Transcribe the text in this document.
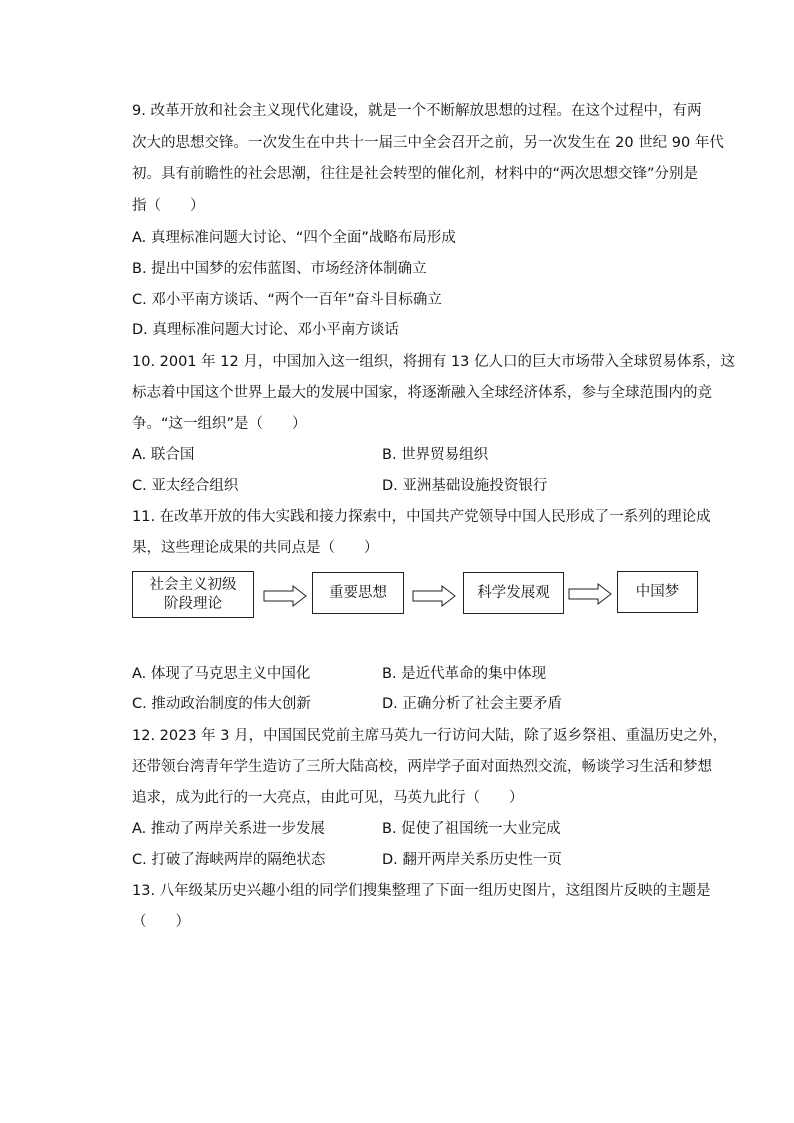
9. 改革开放和社会主义现代化建设，就是一个不断解放思想的过程。在这个过程中，有两
次大的思想交锋。一次发生在中共十一届三中全会召开之前，另一次发生在 20 世纪 90 年代
初。具有前瞻性的社会思潮，往往是社会转型的催化剂，材料中的“两次思想交锋”分别是
指（　　）
A. 真理标准问题大讨论、“四个全面”战略布局形成
B. 提出中国梦的宏伟蓝图、市场经济体制确立
C. 邓小平南方谈话、“两个一百年”奋斗目标确立
D. 真理标准问题大讨论、邓小平南方谈话
10. 2001 年 12 月，中国加入这一组织，将拥有 13 亿人口的巨大市场带入全球贸易体系，这
标志着中国这个世界上最大的发展中国家，将逐渐融入全球经济体系，参与全球范围内的竞
争。“这一组织”是（　　）
A. 联合国	B. 世界贸易组织
C. 亚太经合组织	D. 亚洲基础设施投资银行
11. 在改革开放的伟大实践和接力探索中，中国共产党领导中国人民形成了一系列的理论成
果，这些理论成果的共同点是（　　）
社会主义初级
阶段理论
重要思想	科学发展观	中国梦
A. 体现了马克思主义中国化	B. 是近代革命的集中体现
C. 推动政治制度的伟大创新	D. 正确分析了社会主要矛盾
12. 2023 年 3 月，中国国民党前主席马英九一行访问大陆，除了返乡祭祖、重温历史之外，
还带领台湾青年学生造访了三所大陆高校，两岸学子面对面热烈交流，畅谈学习生活和梦想
追求，成为此行的一大亮点，由此可见，马英九此行（　　）
A. 推动了两岸关系进一步发展	B. 促使了祖国统一大业完成
C. 打破了海峡两岸的隔绝状态	D. 翻开两岸关系历史性一页
13. 八年级某历史兴趣小组的同学们搜集整理了下面一组历史图片，这组图片反映的主题是
（　　）
